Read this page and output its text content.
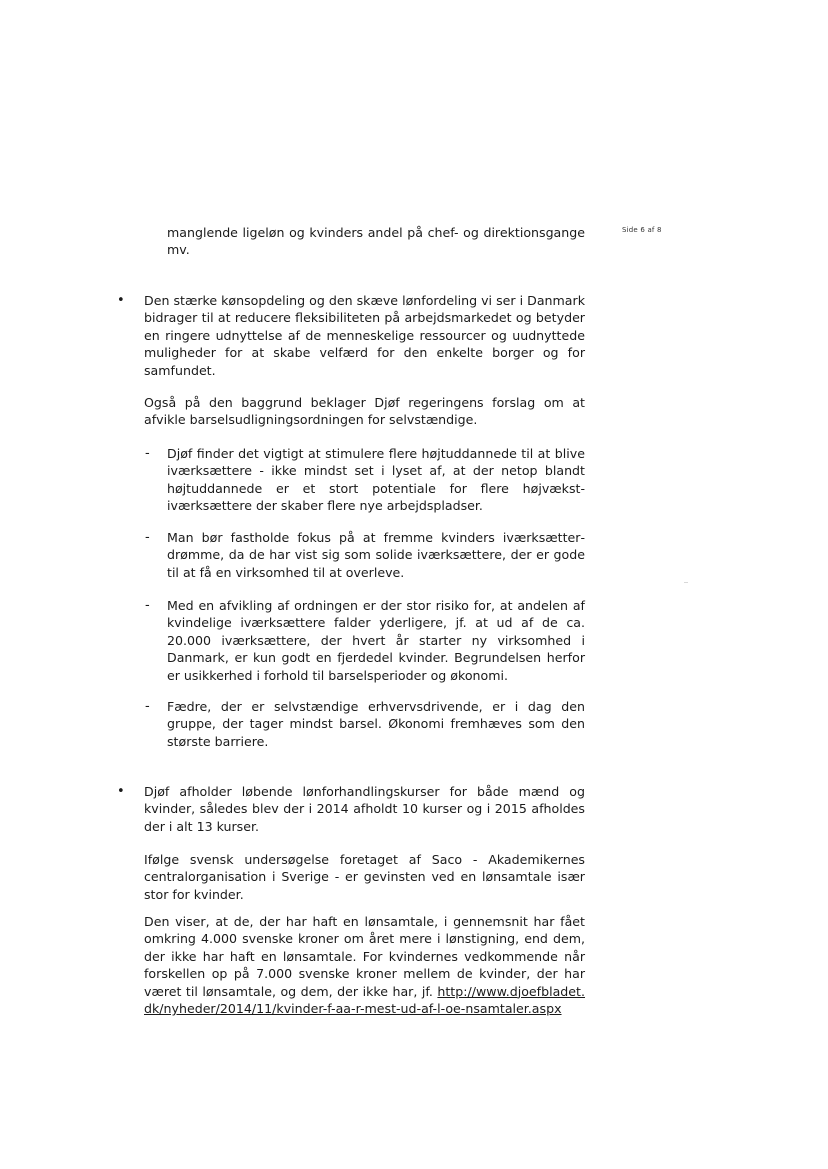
Side 6 af 8
manglende ligeløn og kvinders andel på chef- og direktionsgange mv.
• Den stærke kønsopdeling og den skæve lønfordeling vi ser i Danmark bidrager til at reducere fleksibiliteten på arbejdsmarkedet og betyder en ringere udnyttelse af de menneskelige ressourcer og uudnyttede muligheder for at skabe velfærd for den enkelte borger og for samfundet.
Også på den baggrund beklager Djøf regeringens forslag om at afvikle barselsudligningsordningen for selvstændige.
- Djøf finder det vigtigt at stimulere flere højtuddannede til at blive iværksættere - ikke mindst set i lyset af, at der netop blandt højtuddannede er et stort potentiale for flere højvækst-iværksættere der skaber flere nye arbejdspladser.
- Man bør fastholde fokus på at fremme kvinders iværksætterdrømme, da de har vist sig som solide iværksættere, der er gode til at få en virksomhed til at overleve.
- Med en afvikling af ordningen er der stor risiko for, at andelen af kvindelige iværksættere falder yderligere, jf. at ud af de ca. 20.000 iværksættere, der hvert år starter ny virksomhed i Danmark, er kun godt en fjerdedel kvinder. Begrundelsen herfor er usikkerhed i forhold til barselsperioder og økonomi.
- Fædre, der er selvstændige erhvervsdrivende, er i dag den gruppe, der tager mindst barsel. Økonomi fremhæves som den største barriere.
• Djøf afholder løbende lønforhandlingskurser for både mænd og kvinder, således blev der i 2014 afholdt 10 kurser og i 2015 afholdes der i alt 13 kurser.
Ifølge svensk undersøgelse foretaget af Saco - Akademikernes centralorganisation i Sverige - er gevinsten ved en lønsamtale især stor for kvinder.
Den viser, at de, der har haft en lønsamtale, i gennemsnit har fået omkring 4.000 svenske kroner om året mere i lønstigning, end dem, der ikke har haft en lønsamtale. For kvindernes vedkommende når forskellen op på 7.000 svenske kroner mellem de kvinder, der har været til lønsamtale, og dem, der ikke har, jf. http://www.djoefbladet.dk/nyheder/2014/11/kvinder-f-aa-r-mest-ud-af-l-oe-nsamtaler.aspx
